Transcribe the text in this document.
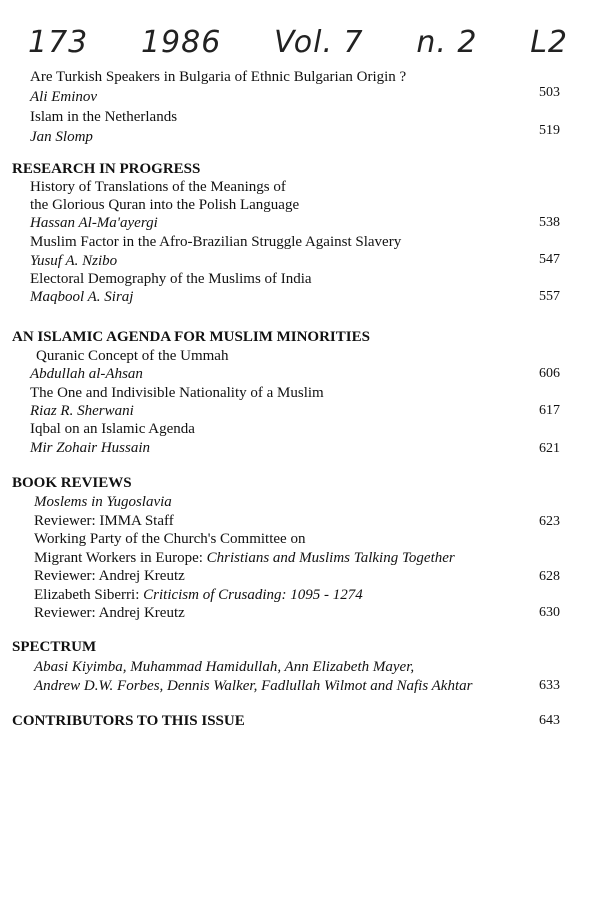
173 1986 Vol. 7 n. 2 L2
Are Turkish Speakers in Bulgaria of Ethnic Bulgarian Origin ?
Ali Eminov	503
Islam in the Netherlands
Jan Slomp	519
RESEARCH IN PROGRESS
History of Translations of the Meanings of
the Glorious Quran into the Polish Language
Hassan Al-Ma'ayergi	538
Muslim Factor in the Afro-Brazilian Struggle Against Slavery
Yusuf A. Nzibo	547
Electoral Demography of the Muslims of India
Maqbool A. Siraj	557
AN ISLAMIC AGENDA FOR MUSLIM MINORITIES
Quranic Concept of the Ummah
Abdullah al-Ahsan	606
The One and Indivisible Nationality of a Muslim
Riaz R. Sherwani	617
Iqbal on an Islamic Agenda
Mir Zohair Hussain	621
BOOK REVIEWS
Moslems in Yugoslavia
Reviewer: IMMA Staff	623
Working Party of the Church's Committee on
Migrant Workers in Europe: Christians and Muslims Talking Together
Reviewer: Andrej Kreutz	628
Elizabeth Siberri: Criticism of Crusading: 1095 - 1274
Reviewer: Andrej Kreutz	630
SPECTRUM
Abasi Kiyimba, Muhammad Hamidullah, Ann Elizabeth Mayer,
Andrew D.W. Forbes, Dennis Walker, Fadlullah Wilmot and Nafis Akhtar	633
CONTRIBUTORS TO THIS ISSUE	643
